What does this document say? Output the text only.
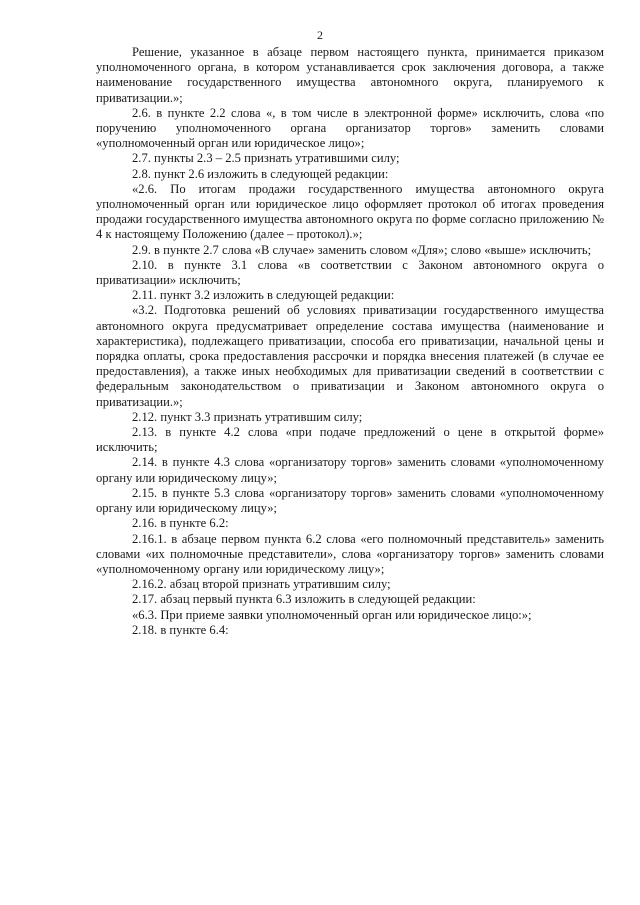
2

Решение, указанное в абзаце первом настоящего пункта, принимается приказом уполномоченного органа, в котором устанавливается срок заключения договора, а также наименование государственного имущества автономного округа, планируемого к приватизации.»;

2.6. в пункте 2.2 слова «, в том числе в электронной форме» исключить, слова «по поручению уполномоченного органа организатор торгов» заменить словами «уполномоченный орган или юридическое лицо»;

2.7. пункты 2.3 – 2.5 признать утратившими силу;

2.8. пункт 2.6 изложить в следующей редакции:

«2.6. По итогам продажи государственного имущества автономного округа уполномоченный орган или юридическое лицо оформляет протокол об итогах проведения продажи государственного имущества автономного округа по форме согласно приложению № 4 к настоящему Положению (далее – протокол).»;

2.9. в пункте 2.7 слова «В случае» заменить словом «Для»; слово «выше» исключить;

2.10. в пункте 3.1 слова «в соответствии с Законом автономного округа о приватизации» исключить;

2.11. пункт 3.2 изложить в следующей редакции:

«3.2. Подготовка решений об условиях приватизации государственного имущества автономного округа предусматривает определение состава имущества (наименование и характеристика), подлежащего приватизации, способа его приватизации, начальной цены и порядка оплаты, срока предоставления рассрочки и порядка внесения платежей (в случае ее предоставления), а также иных необходимых для приватизации сведений в соответствии с федеральным законодательством о приватизации и Законом автономного округа о приватизации.»;

2.12. пункт 3.3 признать утратившим силу;

2.13. в пункте 4.2 слова «при подаче предложений о цене в открытой форме» исключить;

2.14. в пункте 4.3 слова «организатору торгов» заменить словами «уполномоченному органу или юридическому лицу»;

2.15. в пункте 5.3 слова «организатору торгов» заменить словами «уполномоченному органу или юридическому лицу»;

2.16. в пункте 6.2:

2.16.1. в абзаце первом пункта 6.2 слова «его полномочный представитель» заменить словами «их полномочные представители», слова «организатору торгов» заменить словами «уполномоченному органу или юридическому лицу»;

2.16.2. абзац второй признать утратившим силу;

2.17. абзац первый пункта 6.3 изложить в следующей редакции:

«6.3. При приеме заявки уполномоченный орган или юридическое лицо:»;

2.18. в пункте 6.4:
